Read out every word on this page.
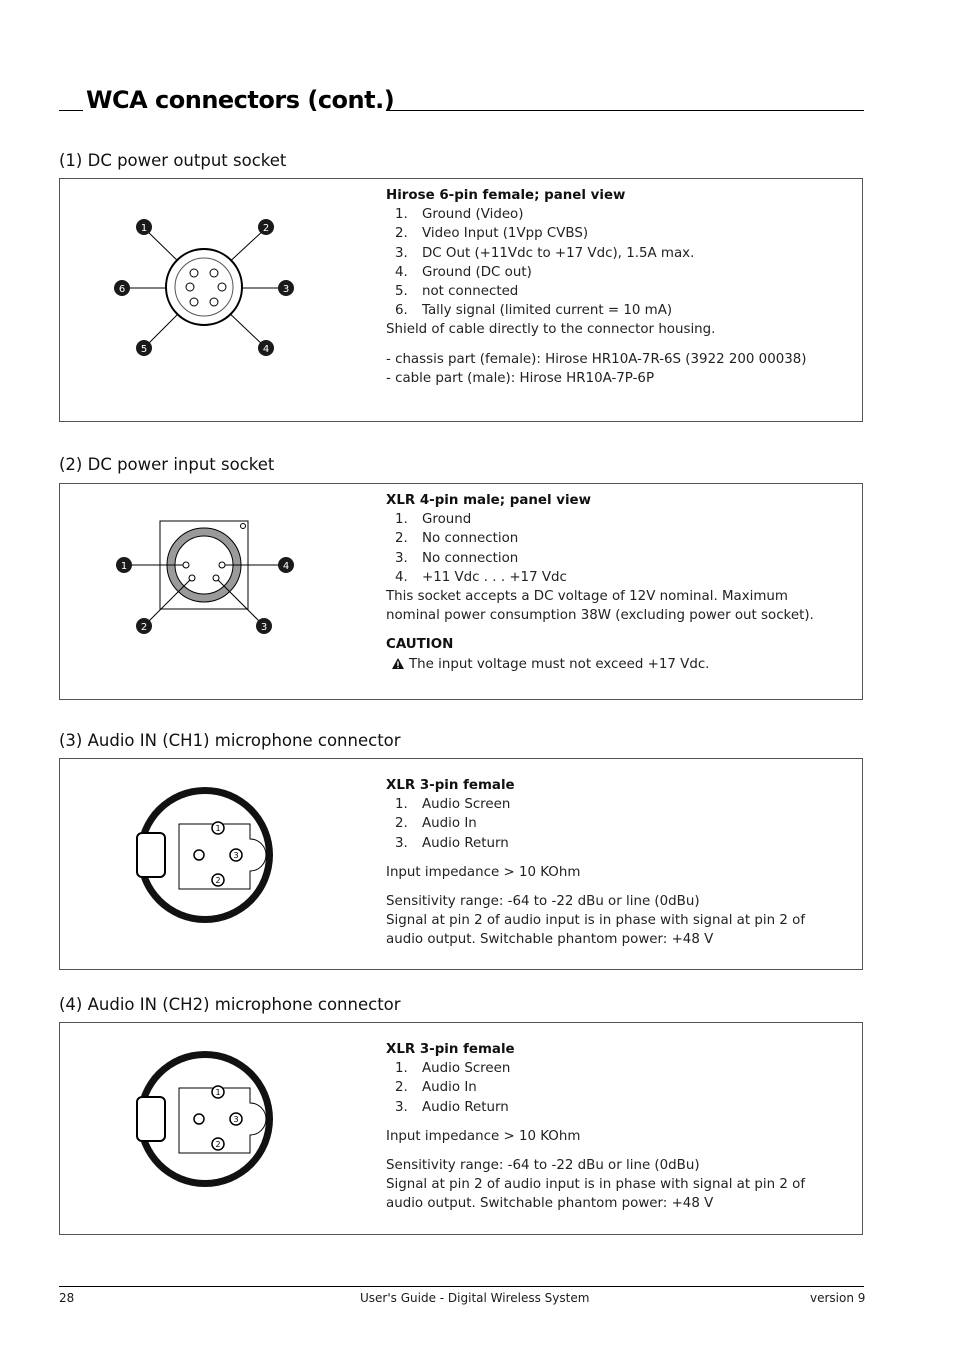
WCA connectors (cont.)
(1) DC power output socket
1	2
3
4
5
6
Hirose 6-pin female; panel view
1. Ground (Video)
2. Video Input (1Vpp CVBS)
3. DC Out (+11Vdc to +17 Vdc), 1.5A max.
4. Ground (DC out)
5. not connected
6. Tally signal (limited current = 10 mA)

Shield of cable directly to the connector housing.

- chassis part (female): Hirose HR10A-7R-6S (3922 200 00038)

- cable part (male): Hirose HR10A-7P-6P

(2) DC power input socket
1	4
2	3
XLR 4-pin male; panel view
1. Ground
2. No connection
3. No connection
4. +11 Vdc . . . +17 Vdc

This socket accepts a DC voltage of 12V nominal. Maximum nominal power consumption 38W (excluding power out socket).

CAUTION

The input voltage must not exceed +17 Vdc.

(3) Audio IN (CH1) microphone connector
1
3
2
XLR 3-pin female
1. Audio Screen
2. Audio In
3. Audio Return

Input impedance > 10 KOhm

Sensitivity range: -64 to -22 dBu or line (0dBu)

Signal at pin 2 of audio input is in phase with signal at pin 2 of audio output. Switchable phantom power: +48 V

(4) Audio IN (CH2) microphone connector
1
3
2
XLR 3-pin female
1. Audio Screen
2. Audio In
3. Audio Return

Input impedance > 10 KOhm

Sensitivity range: -64 to -22 dBu or line (0dBu)

Signal at pin 2 of audio input is in phase with signal at pin 2 of audio output. Switchable phantom power: +48 V

28	User's Guide - Digital Wireless System	version 9
